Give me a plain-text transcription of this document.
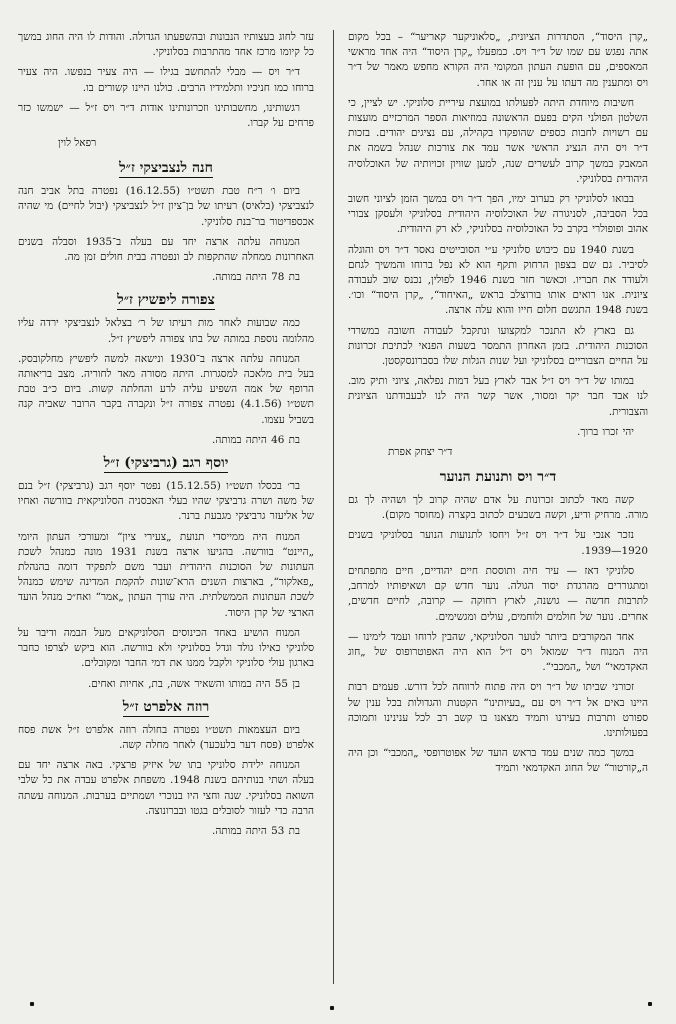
„קרן היסוד“, הסתדרות הציונית, „סלאוניקער קאריער“ – בכל מקום אתה נפגש עם שמו של ד״ר ויס. כמפעלו „קרן היסוד“ היה אחד מראשי המאספים, עם הופעת העתון המקומי היה הקורא מחפש מאמר של ד״ר ויס ומתענין מה דעתו על ענין זה או אחר.

חשיבות מיוחדת היתה לפעולתו במועצת עיריית סלוניקי. יש לציין, כי השלטון הפולני הקים בפעם הראשונה במוזיאות הספר המרכזיים מועצות עם רשויות לחבות כספים שהופקדו בקהילה, עם נציגים יהודים. בזכות ד״ר ויס היה הנציג הראשי אשר עמד את צורכות שנהל בשמה את המאבק במשך קרוב לעשרים שנה, למען שוויון זכויותיה של האוכלוסיה היהודית בסלוניקי.

בבואו לסלוניקי רק בערוב ימיו, הפך ד״ר ויס במשך הזמן לציוני חשוב בכל הסביבה, לסניגורה של האוכלוסיה היהודית בסלוניקי ולעסקן צבורי אהוב ופופולרי בקרב כל האוכלוסיה בסלוניקי, לא רק היהודית.

בשנת 1940 עם כיבוש סלוניקי ע״י הסובייטים נאסר ד״ר ויס והוגלה לסיביר. גם שם בצפון הרחוק ותקף הוא לא נפל ברוחו והמשיך לגחם ולעודד את חבריו. וכאשר חזר בשנת 1946 לפולין, נכנס שוב לעבודה ציונית. אנו רואים אותו בורוצלב בראש „האיחוד“, „קרן היסוד“ וכו׳. בשנת 1948 התגשם חלום חייו והוא עלה ארצה.

גם בארץ לא התנכר למקצועו ונתקבל לעבודה חשובה במשרדי הסוכנות היהודית. בזמן האחרון התמסר בשעות הפנאי לכתיבת זכרונות על החיים הצבוריים בסלוניקי ועל שנות הגלות שלו בסברונסקסטן.

במותו של ד״ר ויס ז״ל אבד לארץ בעל דמות נפלאה, ציוני ותיק מוב. לנו אבד חבר יקר ומסור, אשר קשר היה לנו לבעבודתנו הציונית והצבורית.

יהי זכרו ברוך.

ד״ר יצחק אפרת
ד״ר ויס ותנועת הנוער

קשה מאד לכתוב זכרונות על אדם שהיה קרוב לך ושהיה לך גם מורה. מרחיק ודיע, וקשה בשבעים לכתוב בקצרה (מחוסר מקום).

נזכר אנכי על ד״ר ויס ז״ל ויחסו לתנועות הנוער בסלוניקי בשנים 1920—1939.

סלוניקי דאז — עיר חיה ותוססת חיים יהודיים, חיים מתפתחים ומתגוררים מהרגדת יסוד הגולה. נוער חדש קם ושאיפותיו למרחב, לתרבות חדשה — גושנה, לארץ רחוקה — קרובה, לחיים חדשים, אחרים. נוער של חולמים ולוחמים, עולים ומגשימים.

אחד המקורבים ביותר לנוער הסלוניקאי, שהבין לרוחו ועמד לימינו — היה המנוח ד״ר שמואל ויס ז״ל הוא היה האפוטרופוס של „חוג האקדמאי“ ושל „המכבי“.

זכורני שביתו של ד״ר ויס היה פתוח לרווחה לכל דורש. פעמים רבות היינו באים אל ד״ר ויס עם „בעיותינו“ הקטנות והגדולות בכל ענין של ספורט ותרבות בעירנו ותמיד מצאנו בו קשב רב לכל ענינינו ותמוכה בפעולותינו.

במשך כמה שנים עמד בראש הועד של אפוטרופסי „המכבי“ וכן היה ה„קורטור“ של החוג האקדמאי ותמיד

עזר לחוג בעצותיו הנבונות ובהשפעתו הגדולה. והודות לו היה החוג במשך כל קיומו מרכז אחד מהתרבות בסלוניקי.

ד״ר ויס — מבלי להתחשב בגילו — היה צעיר בנפשו. היה צעיר ברוחו כמו חניכיו ותלמידיו הרבים. כולנו היינו קשורים בו.

רגשותינו, מחשבותינו וזכרונותינו אודות ד״ר ויס ז״ל — ישמשו כזר פרחים על קברו.

רפאל לוין
חנה לנצביצקי ז״ל

ביום ו׳ ר״ח טבת תשט״ו (16.12.55) נפטרה בתל אביב חנה לנצביצקי (בלאיס) רעיתו של בן־ציון ז״ל לנצביצקי (יבול לחיים) מי שהיה אכספדיטור בר־בנת סלוניקי.

המנוחה עלתה ארצה יחד עם בעלה ב־1935 וסבלה בשנים האחרונות ממחלה שהתקפות לב ונפטרה בבית חולים זמן מה.

בת 78 היתה במותה.

צפורה ליפשיץ ז״ל

כמה שבועות לאחר מות רעיתו של ר׳ בצלאל לנצביצקי ירדה עליו מהלומה נוספת במותה של בתו צפורה ליפשיץ ז״ל.

המנוחה עלתה ארצה ב־1930 ונישאה למשה ליפשיץ מחלקובסק. בעל בית מלאכה למסגרות. היתה מסורה מאד לחוריה. מצב בריאותה הרופף של אמה השפיע עליה לרע והחלתה קשות. ביום כ״ב טבת תשט״ו (4.1.56) נפטרה צפורה ז״ל ונקברה בקבר הרובר שאביה קנה בשביל עצמו.

בת 46 היתה במותה.

יוסף רגב (גרביצקי) ז״ל

בר׳ בכסלו תשט״ו (15.12.55) נפטר יוסף רגב (גרביצקי) ז״ל בנם של משה ושרה גרביצקי שהיו בעלי האכסניה הסלוניקאית בוורשה ואחיו של אליעזר גרביצקי מגבעת ברנר.

המנוח היה ממייסדי תנועת „צעירי ציון“ ומעורכי העתון היומי „היינט“ בוורשה. בהגיעו ארצה בשנת 1931 מונה כמנהל לשכת העתונות של הסוכנות היהודית ועבר משם לתפקיד דומה בהנהלת „פאלקור“, בארצות השנים הרא־שונות להקמת המדינה שימש כמנהל לשכת העתונות הממשלתית. היה עורך העתון „אמר“ ואח״כ מנהל הועד הארצי של קרן היסוד.

המנוח הושיע באחד הכינוסים הסלוניקאים מעל הבמה ודיבר על סלוניקי כאילו גולד וגדל בסלוניקי ולא בוורשה. הוא ביקש לצרפו כחבר בארגון עולי סלוניקי ולקבל ממנו את דמי החבר ומקובלים.

בן 55 היה במותו והשאיר אשה, בת, אחיות ואחים.

רוזה אלפרט ז״ל

ביום העצמאות תשט״ו נפטרה בחולה רוזה אלפרט ז״ל אשת פסח אלפרט (פסח דער בלעכער) לאחר מחלה קשה.

המנוחה ילידת סלוניקי בתו של איזיק פרצקי. באה ארצה יחד עם בעלה ושתי בנותיהם בשנת 1948. משפחת אלפרט עבדה את כל שלבי השואה בסלוניקי. שנה וחצי היו בנוכרי ושמתיים בערבות. המנוחה עשתה הרבה כדי לעזור לסובלים בגטו ובברונוצה.

בת 53 היתה במותה.
